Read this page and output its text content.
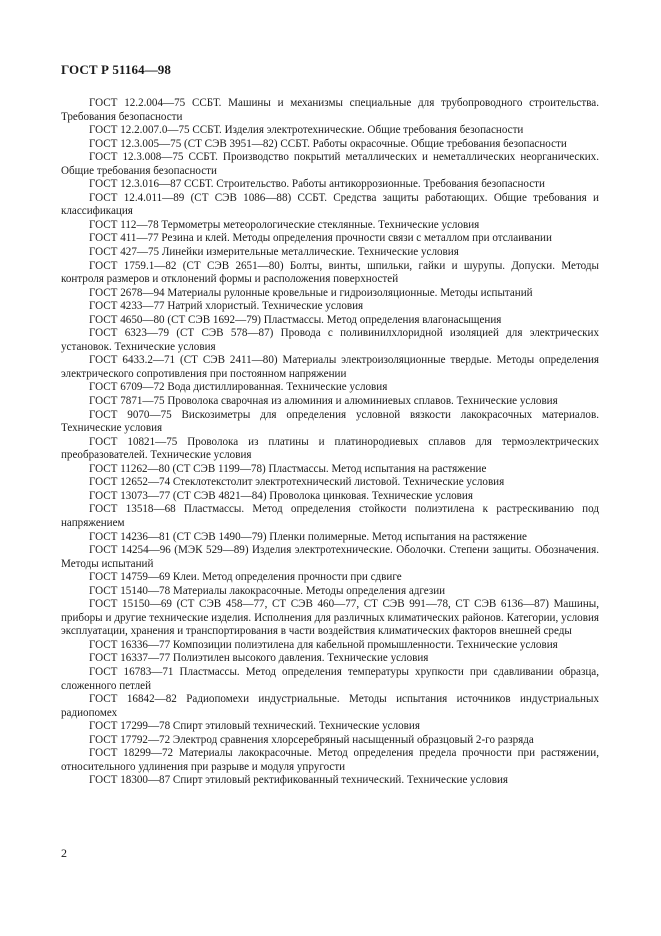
ГОСТ Р 51164—98

ГОСТ 12.2.004—75 ССБТ. Машины и механизмы специальные для трубопроводного строительства. Требования безопасности

ГОСТ 12.2.007.0—75 ССБТ. Изделия электротехнические. Общие требования безопасности

ГОСТ 12.3.005—75 (СТ СЭВ 3951—82) ССБТ. Работы окрасочные. Общие требования безопасности

ГОСТ 12.3.008—75 ССБТ. Производство покрытий металлических и неметаллических неорганических. Общие требования безопасности

ГОСТ 12.3.016—87 ССБТ. Строительство. Работы антикоррозионные. Требования безопасности

ГОСТ 12.4.011—89 (СТ СЭВ 1086—88) ССБТ. Средства защиты работающих. Общие требования и классификация

ГОСТ 112—78 Термометры метеорологические стеклянные. Технические условия

ГОСТ 411—77 Резина и клей. Методы определения прочности связи с металлом при отслаивании

ГОСТ 427—75 Линейки измерительные металлические. Технические условия

ГОСТ 1759.1—82 (СТ СЭВ 2651—80) Болты, винты, шпильки, гайки и шурупы. Допуски. Методы контроля размеров и отклонений формы и расположения поверхностей

ГОСТ 2678—94 Материалы рулонные кровельные и гидроизоляционные. Методы испытаний

ГОСТ 4233—77 Натрий хлористый. Технические условия

ГОСТ 4650—80 (СТ СЭВ 1692—79) Пластмассы. Метод определения влагонасыщения

ГОСТ 6323—79 (СТ СЭВ 578—87) Провода с поливинилхлоридной изоляцией для электрических установок. Технические условия

ГОСТ 6433.2—71 (СТ СЭВ 2411—80) Материалы электроизоляционные твердые. Методы определения электрического сопротивления при постоянном напряжении

ГОСТ 6709—72 Вода дистиллированная. Технические условия

ГОСТ 7871—75 Проволока сварочная из алюминия и алюминиевых сплавов. Технические условия

ГОСТ 9070—75 Вискозиметры для определения условной вязкости лакокрасочных материалов. Технические условия

ГОСТ 10821—75 Проволока из платины и платинородиевых сплавов для термоэлектрических преобразователей. Технические условия

ГОСТ 11262—80 (СТ СЭВ 1199—78) Пластмассы. Метод испытания на растяжение

ГОСТ 12652—74 Стеклотекстолит электротехнический листовой. Технические условия

ГОСТ 13073—77 (СТ СЭВ 4821—84) Проволока цинковая. Технические условия

ГОСТ 13518—68 Пластмассы. Метод определения стойкости полиэтилена к растрескиванию под напряжением

ГОСТ 14236—81 (СТ СЭВ 1490—79) Пленки полимерные. Метод испытания на растяжение

ГОСТ 14254—96 (МЭК 529—89) Изделия электротехнические. Оболочки. Степени защиты. Обозначения. Методы испытаний

ГОСТ 14759—69 Клеи. Метод определения прочности при сдвиге

ГОСТ 15140—78 Материалы лакокрасочные. Методы определения адгезии

ГОСТ 15150—69 (СТ СЭВ 458—77, СТ СЭВ 460—77, СТ СЭВ 991—78, СТ СЭВ 6136—87) Машины, приборы и другие технические изделия. Исполнения для различных климатических районов. Категории, условия эксплуатации, хранения и транспортирования в части воздействия климатических факторов внешней среды

ГОСТ 16336—77 Композиции полиэтилена для кабельной промышленности. Технические условия

ГОСТ 16337—77 Полиэтилен высокого давления. Технические условия

ГОСТ 16783—71 Пластмассы. Метод определения температуры хрупкости при сдавливании образца, сложенного петлей

ГОСТ 16842—82 Радиопомехи индустриальные. Методы испытания источников индустриальных радиопомех

ГОСТ 17299—78 Спирт этиловый технический. Технические условия

ГОСТ 17792—72 Электрод сравнения хлорсеребряный насыщенный образцовый 2-го разряда

ГОСТ 18299—72 Материалы лакокрасочные. Метод определения предела прочности при растяжении, относительного удлинения при разрыве и модуля упругости

ГОСТ 18300—87 Спирт этиловый ректификованный технический. Технические условия

2
